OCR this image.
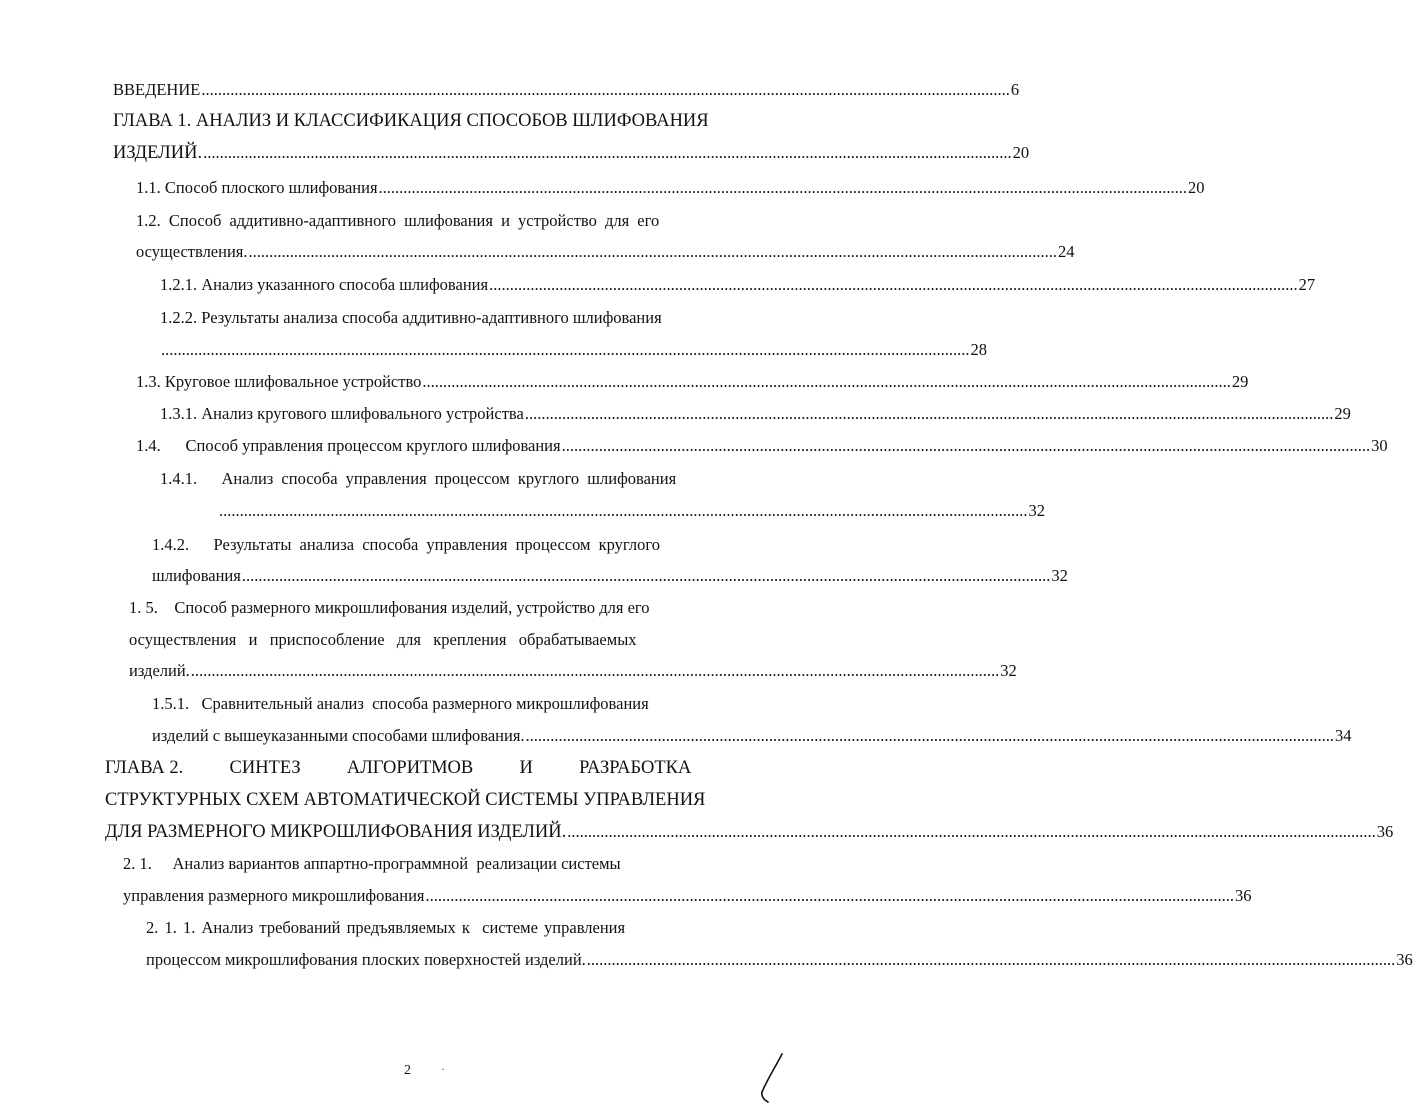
ВВЕДЕНИЕ .................................................................................................................................................................................................... 6
ГЛАВА 1. АНАЛИЗ И КЛАССИФИКАЦИЯ СПОСОБОВ ШЛИФОВАНИЯ
ИЗДЕЛИЙ. .................................................................................................................................................................................................... 20
1.1. Способ плоского шлифования .................................................................................................................................................................................................... 20
1.2. Способ аддитивно-адаптивного шлифования и устройство для его
осуществления. .................................................................................................................................................................................................... 24
1.2.1. Анализ указанного способа шлифования .................................................................................................................................................................................................... 27
1.2.2. Результаты анализа способа аддитивно-адаптивного шлифования
.................................................................................................................................................................................................... 28
1.3. Круговое шлифовальное устройство .................................................................................................................................................................................................... 29
1.3.1. Анализ кругового шлифовального устройства .................................................................................................................................................................................................... 29
1.4.      Способ управления процессом круглого шлифования .................................................................................................................................................................................................... 30
1.4.1.   Анализ способа управления процессом круглого шлифования
.................................................................................................................................................................................................... 32
1.4.2.   Результаты анализа способа управления процессом круглого
шлифования .................................................................................................................................................................................................... 32
1. 5.    Способ размерного микрошлифования изделий, устройство для его
осуществления  и  приспособление  для  крепления  обрабатываемых
изделий. .................................................................................................................................................................................................... 32
1.5.1.   Сравнительный анализ  способа размерного микрошлифования
изделий с вышеуказанными способами шлифования. .................................................................................................................................................................................................... 34
ГЛАВА 2.          СИНТЕЗ          АЛГОРИТМОВ          И          РАЗРАБОТКА
СТРУКТУРНЫХ СХЕМ АВТОМАТИЧЕСКОЙ СИСТЕМЫ УПРАВЛЕНИЯ
ДЛЯ РАЗМЕРНОГО МИКРОШЛИФОВАНИЯ ИЗДЕЛИЙ. .................................................................................................................................................................................................... 36
2. 1.     Анализ вариантов аппартно-программной  реализации системы
управления размерного микрошлифования .................................................................................................................................................................................................... 36
2. 1. 1. Анализ требований предъявляемых к  системе управления
процессом микрошлифования плоских поверхностей изделий. .................................................................................................................................................................................................... 36
2	·
